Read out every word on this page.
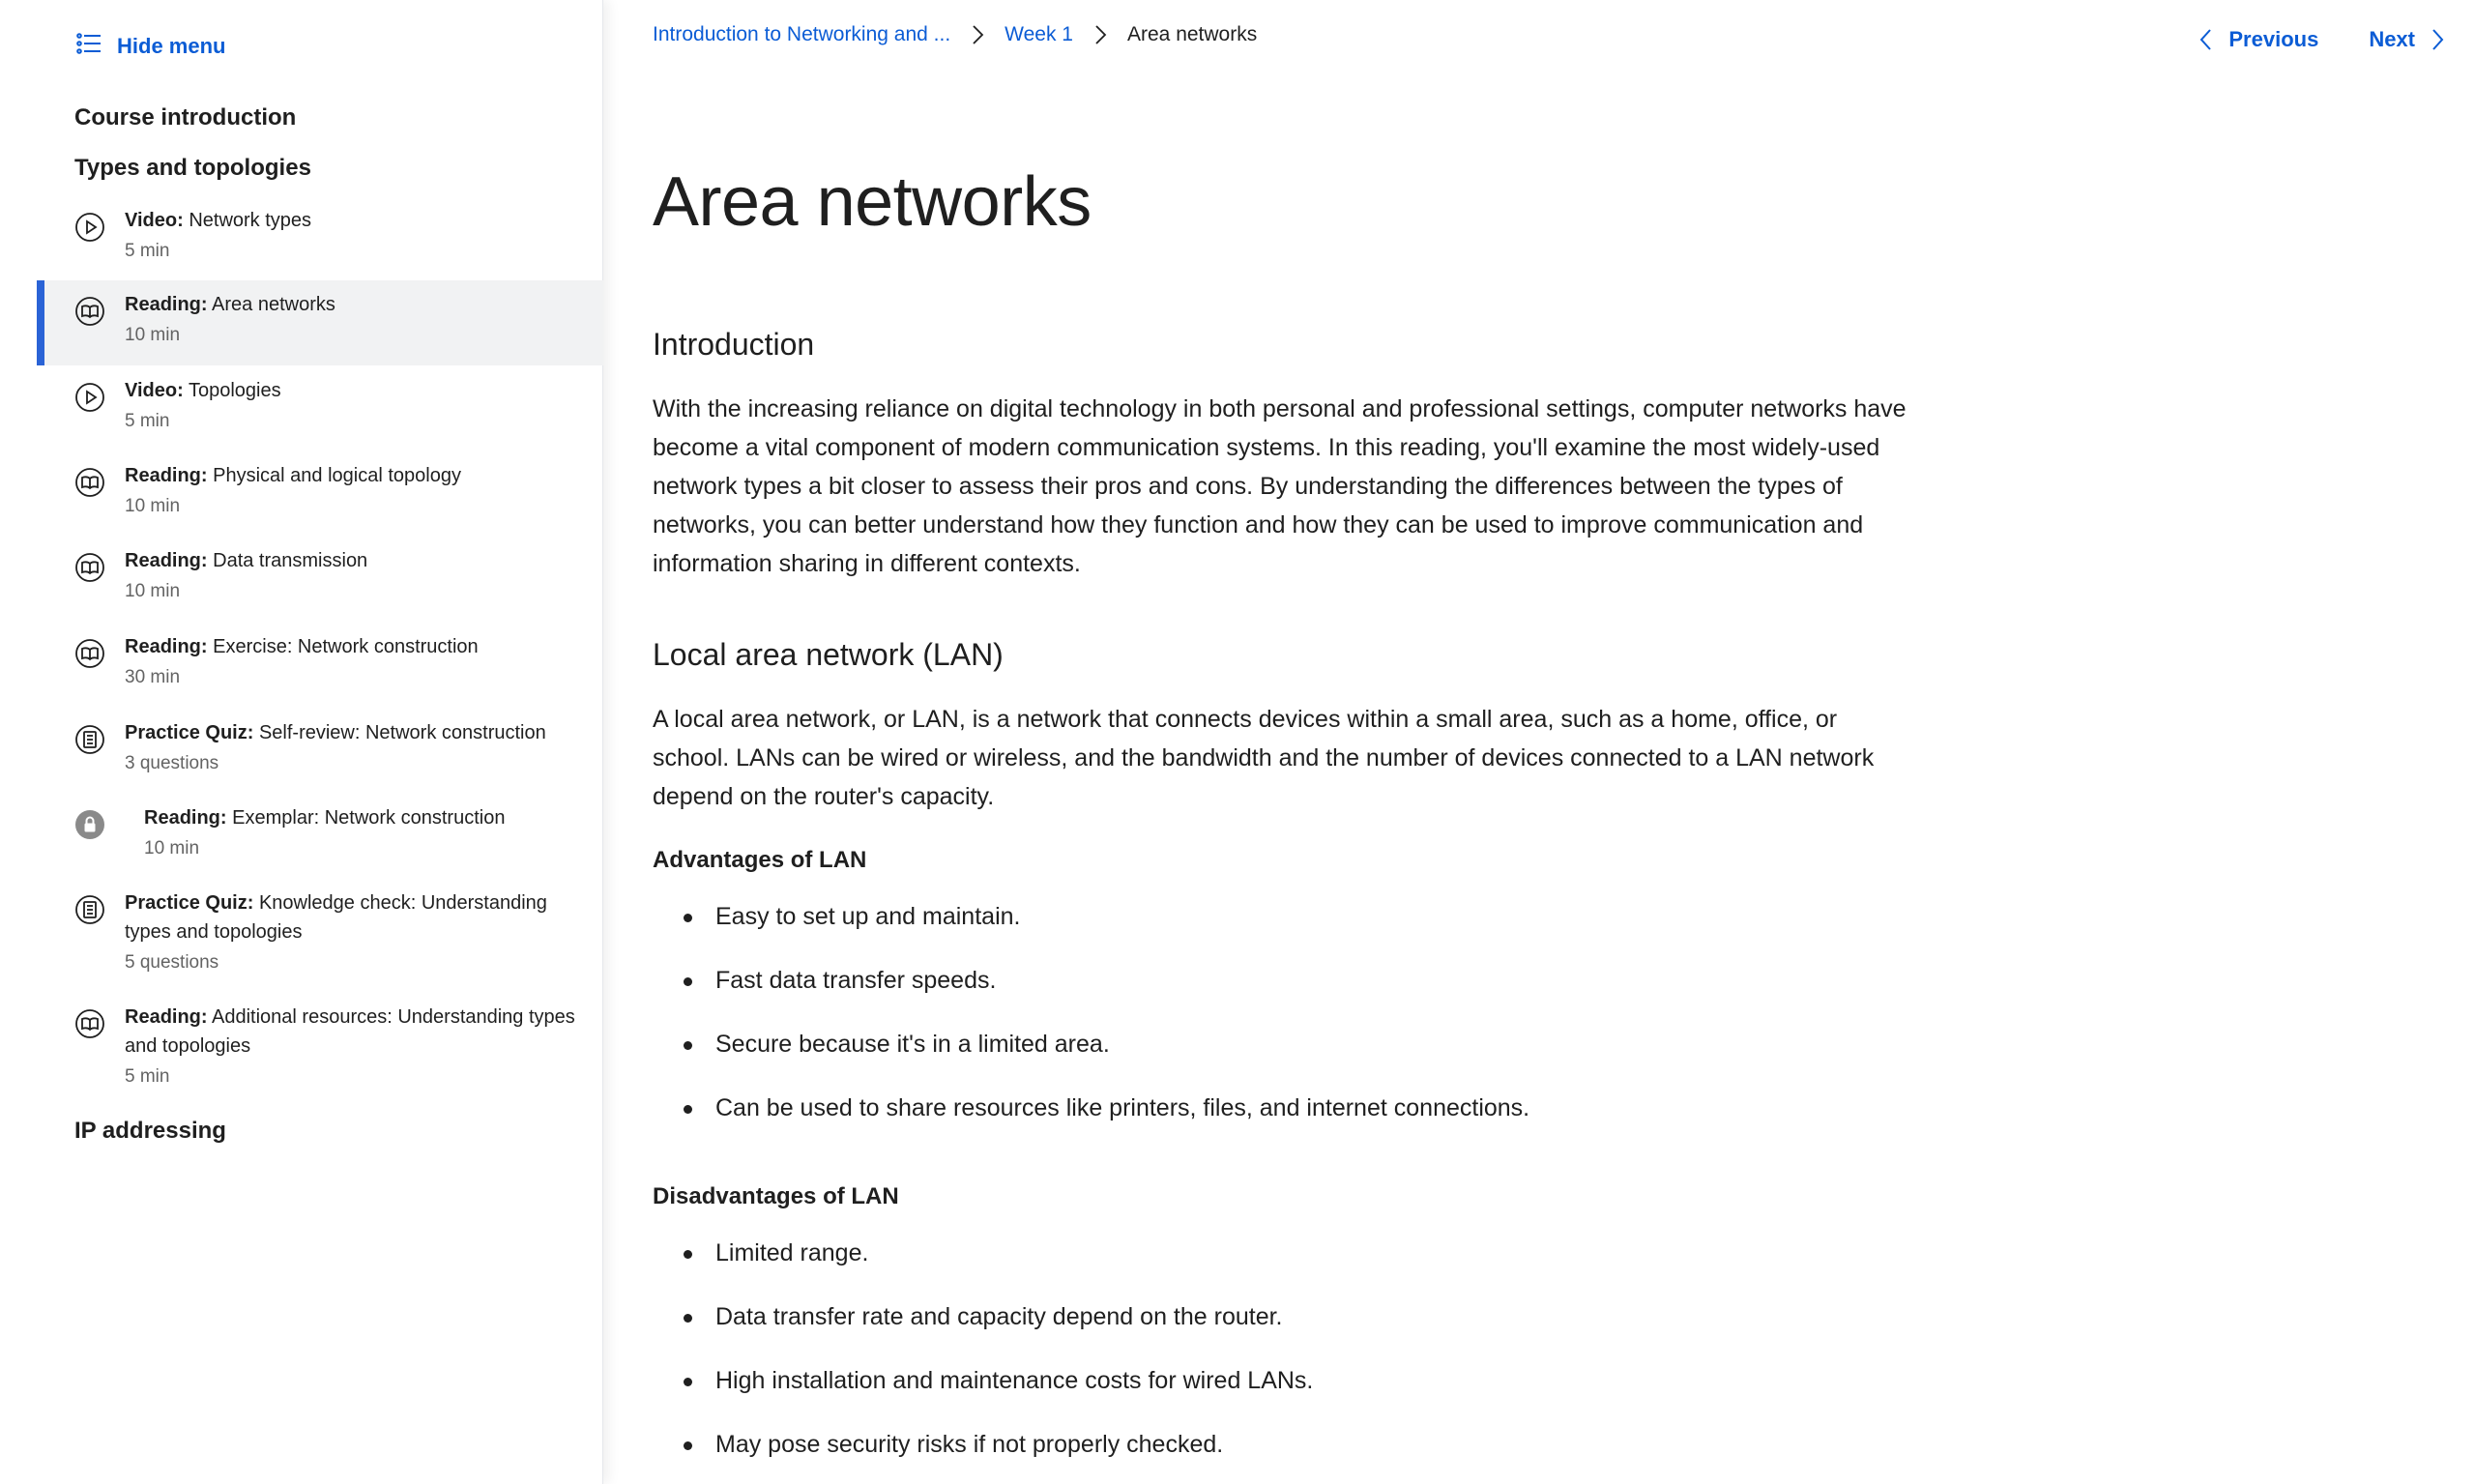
Hide menu
Course introduction
Types and topologies
Video: Network types
5 min
Reading: Area networks
10 min
Video: Topologies
5 min
Reading: Physical and logical topology
10 min
Reading: Data transmission
10 min
Reading: Exercise: Network construction
30 min
Practice Quiz: Self-review: Network construction
3 questions
Reading: Exemplar: Network construction
10 min
Practice Quiz: Knowledge check: Understanding types and topologies
5 questions
Reading: Additional resources: Understanding types and topologies
5 min
IP addressing
Introduction to Networking and ...	Week 1	Area networks	Previous Next
Area networks
Introduction

With the increasing reliance on digital technology in both personal and professional settings, computer networks have become a vital component of modern communication systems. In this reading, you'll examine the most widely-used network types a bit closer to assess their pros and cons. By understanding the differences between the types of networks, you can better understand how they function and how they can be used to improve communication and information sharing in different contexts.

Local area network (LAN)

A local area network, or LAN, is a network that connects devices within a small area, such as a home, office, or school. LANs can be wired or wireless, and the bandwidth and the number of devices connected to a LAN network depend on the router's capacity.

Advantages of LAN
Easy to set up and maintain.
Fast data transfer speeds.
Secure because it's in a limited area.
Can be used to share resources like printers, files, and internet connections.
Disadvantages of LAN
Limited range.
Data transfer rate and capacity depend on the router.
High installation and maintenance costs for wired LANs.
May pose security risks if not properly checked.
